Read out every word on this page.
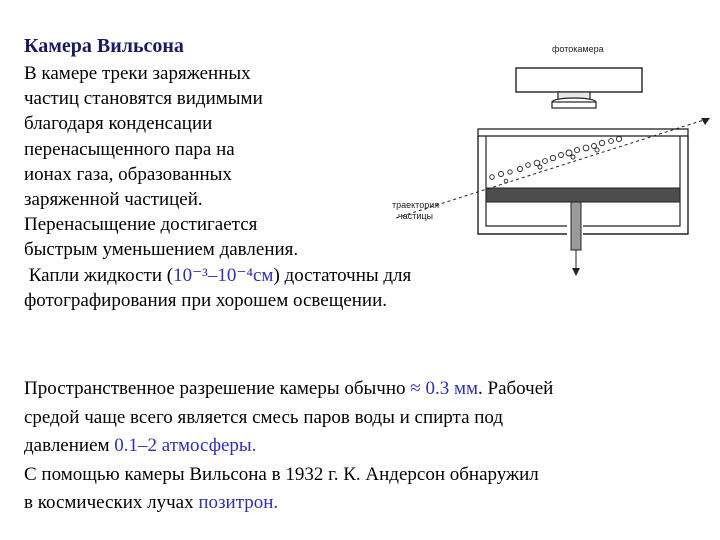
Камера Вильсона
В камере треки заряженных
частиц становятся видимыми
благодаря конденсации
перенасыщенного пара на
ионах газа, образованных
заряженной частицей.
Перенасыщение достигается
быстрым уменьшением давления.
Капли жидкости (10⁻³–10⁻⁴см) достаточны для
фотографирования при хорошем освещении.
Пространственное разрешение камеры обычно ≈ 0.3 мм. Рабочей
средой чаще всего является смесь паров воды и спирта под
давлением 0.1–2 атмосферы.
С помощью камеры Вильсона в 1932 г. К. Андерсон обнаружил
в космических лучах позитрон.
фотокамера
траектория
частицы
